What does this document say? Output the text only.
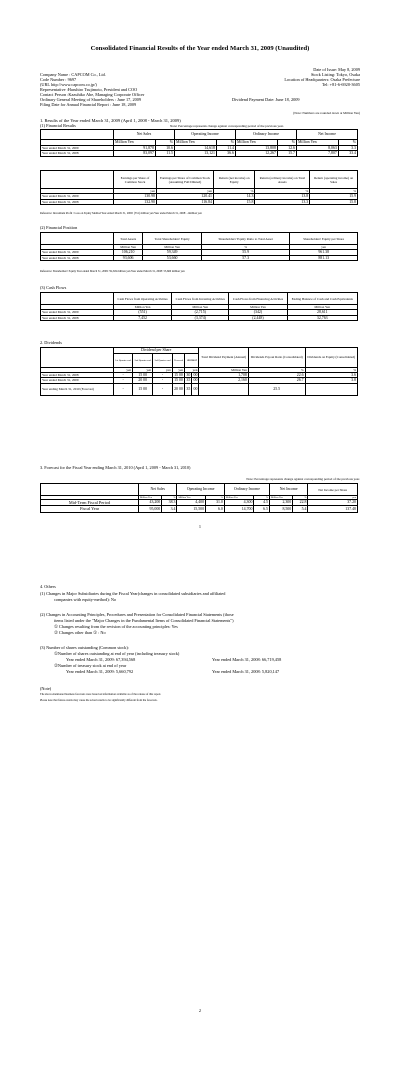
Consolidated Financial Results of the Year ended March 31, 2009 (Unaudited)
Date of Issue: May 8, 2009
Company Name : CAPCOM Co., Ltd.	Stock Listing: Tokyo, Osaka
Code Number : 9697	Location of Headquarters: Osaka Prefecture
(URL http://www.capcom.co.jp/)	Tel: +81-6-6920-3605
Representative :Haruhiro Tsujimoto, President and COO
Contact Person :Kazuhiko Abe, Managing Corporate Officer
Ordinary General Meeting of Shareholders : June 17, 2009	Dividend Payment Date: June 18, 2009
Filing Date for Annual Financial Report : June 18, 2009
(Note: Numbers are rounded down at Million Yen)
1. Results of the Year ended March 31, 2009 (April 1, 2008 - March 31, 2009)
(1) Financial Results	Note: Percentage represents change against corresponding period of the previous year.
	Net Sales		Operating Income		Ordinary Income		Net Income	
	Million Yen	%	Million Yen	%	Million Yen	%	Million Yen	%
Year ended March 31, 2009	91,878	10.6	14,618	11.4	13,808	12.6	8,063	3.3
Year ended March 31, 2008	83,097	11.5	13,121	36.6	12,267	15.7	7,807	33.4
	Earnings per Share of Common Stock	Earnings per Share of Common Stock (Assuming Full Diluted)	Return (net income) on Equity	Return (ordinary income) on Total Assets	Return (operating income) on Sales
	yen	yen	%	%	%
Year ended March 31, 2009	130.98	120.41	14.3	13.8	15.9
Year ended March 31, 2008	132.90	116.84	15.8	13.3	15.8
Reference: Investment Profit / Loss on Equity Method Year ended March 31, 2009: (551) million yen Year ended March 31, 2008: -1million yen
(2) Financial Position
	Total Assets	Total Shareholders' Equity	Shareholders' Equity Ratio to Total Asset	Shareholders' Equity per Share
	Million Yen	Million Yen	%	yen
Year ended March 31, 2009	106,210	59,349	55.9	961.38
Year ended March 31, 2008	93,606	53,660	57.3	881.13
Reference: Shareholders' Equity Year ended March 31, 2009: 59,349 million yen Year ended March 31, 2008: 53,660 million yen
(3) Cash Flows
	Cash Flows from Operating Activities	Cash Flows from Investing Activities	Cash Flows from Financing Activities	Ending Balance of Cash and Cash Equivalents
	Million Yen	Million Yen	Million Yen	Million Yen
Year ended March 31, 2009	(551)	(2,715)	(342)	28,611
Year ended March 31, 2008	7,452	(3,374)	(2,448)	32,763
2. Dividends
	Dividend per Share						Total Dividend Payment (Annual)	Dividends Payout Ratio (Consolidated)	Dividends on Equity (Consolidated)
	1st Quarter-end	2nd Quarter-end	3rd Quarter-end	Year-end	Annual				
	yen	yen	yen	yen	yen		Million Yen	%	%
Year ended March 31, 2008	-	15 00	-	15 00	30	00	1,708	22.6	3.6
Year ended March 31, 2009	-	20 00	-	15 00	35	00	2,160	26.7	3.8
Year ending March 31, 2010 (Forecast)	-	15 00	-	20 00	35	00		25.5	
3. Forecast for the Fiscal Year ending March 31, 2010 (April 1, 2009 - March 31, 2010)
Note: Percentage represents change against corresponding period of the previous year.
	Net Sales		Operating Income		Ordinary Income		Net Income		Net Income per Share
	Million Yen	%	Million Yen	%	Million Yen	%	Million Yen	%	yen
Mid-Term Fiscal Period	43,200	38.3	4,400	31.0	4,300	4.5	2,300	22.8	37.20
Fiscal Year	95,000	3.4	15,500	6.0	14,700	6.5	8,500	5.4	137.48
1
4. Others
(1) Changes in Major Subsidiaries during the Fiscal Year(changes in consolidated subsidiaries and affiliated
companies with equity-method): No
(2) Changes in Accounting Principles, Procedures and Presentation for Consolidated Financial Statements (those
items listed under the "Major Changes in the Fundamental Items of Consolidated Financial Statements")
① Changes resulting from the revision of the accounting principles: Yes
② Changes other than ① : No
(3) Number of shares outstanding (Common stock):
①Number of shares outstanding at end of year (including treasury stock)
Year ended March 31, 2009: 67,394,568	Year ended March 31, 2008: 66,719,458
②Number of treasury stock at end of year
Year ended March 31, 2009: 5,660,792	Year ended March 31, 2008: 5,820,147
(Note)
The above-mentioned business forecasts were based on information available as of the release of this report.
Please note that future events may cause the actual results to be significantly different from the forecasts.
2
